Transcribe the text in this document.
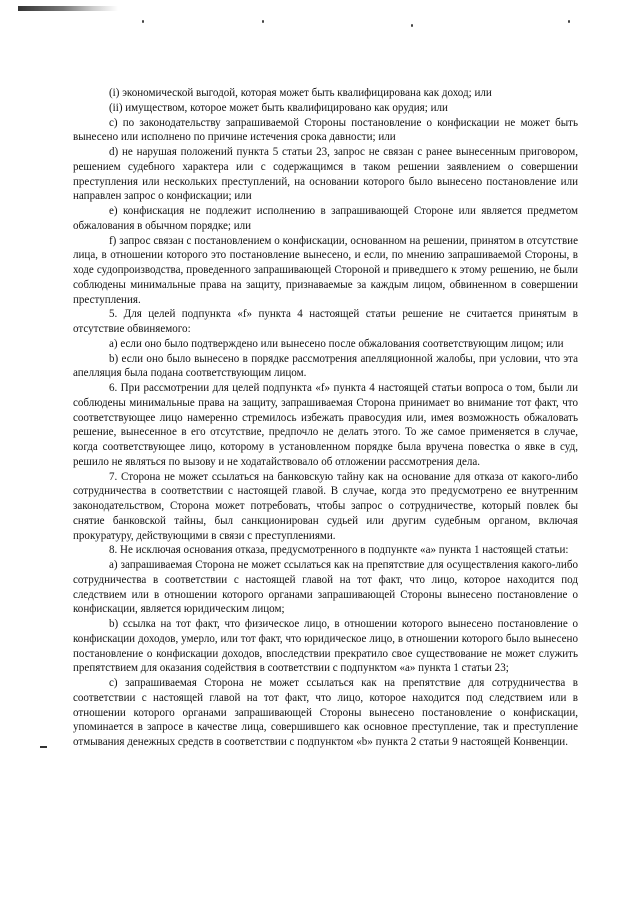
(i) экономической выгодой, которая может быть квалифицирована как доход; или

(ii) имуществом, которое может быть квалифицировано как орудия; или

c) по законодательству запрашиваемой Стороны постановление о конфискации не может быть вынесено или исполнено по причине истечения срока давности; или

d) не нарушая положений пункта 5 статьи 23, запрос не связан с ранее вынесенным приговором, решением судебного характера или с содержащимся в таком решении заявлением о совершении преступления или нескольких преступлений, на основании которого было вынесено постановление или направлен запрос о конфискации; или

e) конфискация не подлежит исполнению в запрашивающей Стороне или является предметом обжалования в обычном порядке; или

f) запрос связан с постановлением о конфискации, основанном на решении, принятом в отсутствие лица, в отношении которого это постановление вынесено, и если, по мнению запрашиваемой Стороны, в ходе судопроизводства, проведенного запрашивающей Стороной и приведшего к этому решению, не были соблюдены минимальные права на защиту, признаваемые за каждым лицом, обвиненном в совершении преступления.

5. Для целей подпункта «f» пункта 4 настоящей статьи решение не считается принятым в отсутствие обвиняемого:

a) если оно было подтверждено или вынесено после обжалования соответствующим лицом; или

b) если оно было вынесено в порядке рассмотрения апелляционной жалобы, при условии, что эта апелляция была подана соответствующим лицом.

6. При рассмотрении для целей подпункта «f» пункта 4 настоящей статьи вопроса о том, были ли соблюдены минимальные права на защиту, запрашиваемая Сторона принимает во внимание тот факт, что соответствующее лицо намеренно стремилось избежать правосудия или, имея возможность обжаловать решение, вынесенное в его отсутствие, предпочло не делать этого. То же самое применяется в случае, когда соответствующее лицо, которому в установленном порядке была вручена повестка о явке в суд, решило не являться по вызову и не ходатайствовало об отложении рассмотрения дела.

7. Сторона не может ссылаться на банковскую тайну как на основание для отказа от какого-либо сотрудничества в соответствии с настоящей главой. В случае, когда это предусмотрено ее внутренним законодательством, Сторона может потребовать, чтобы запрос о сотрудничестве, который повлек бы снятие банковской тайны, был санкционирован судьей или другим судебным органом, включая прокуратуру, действующими в связи с преступлениями.

8. Не исключая основания отказа, предусмотренного в подпункте «a» пункта 1 настоящей статьи:

a) запрашиваемая Сторона не может ссылаться как на препятствие для осуществления какого-либо сотрудничества в соответствии с настоящей главой на тот факт, что лицо, которое находится под следствием или в отношении которого органами запрашивающей Стороны вынесено постановление о конфискации, является юридическим лицом;

b) ссылка на тот факт, что физическое лицо, в отношении которого вынесено постановление о конфискации доходов, умерло, или тот факт, что юридическое лицо, в отношении которого было вынесено постановление о конфискации доходов, впоследствии прекратило свое существование не может служить препятствием для оказания содействия в соответствии с подпунктом «a» пункта 1 статьи 23;

c) запрашиваемая Сторона не может ссылаться как на препятствие для сотрудничества в соответствии с настоящей главой на тот факт, что лицо, которое находится под следствием или в отношении которого органами запрашивающей Стороны вынесено постановление о конфискации, упоминается в запросе в качестве лица, совершившего как основное преступление, так и преступление отмывания денежных средств в соответствии с подпунктом «b» пункта 2 статьи 9 настоящей Конвенции.
